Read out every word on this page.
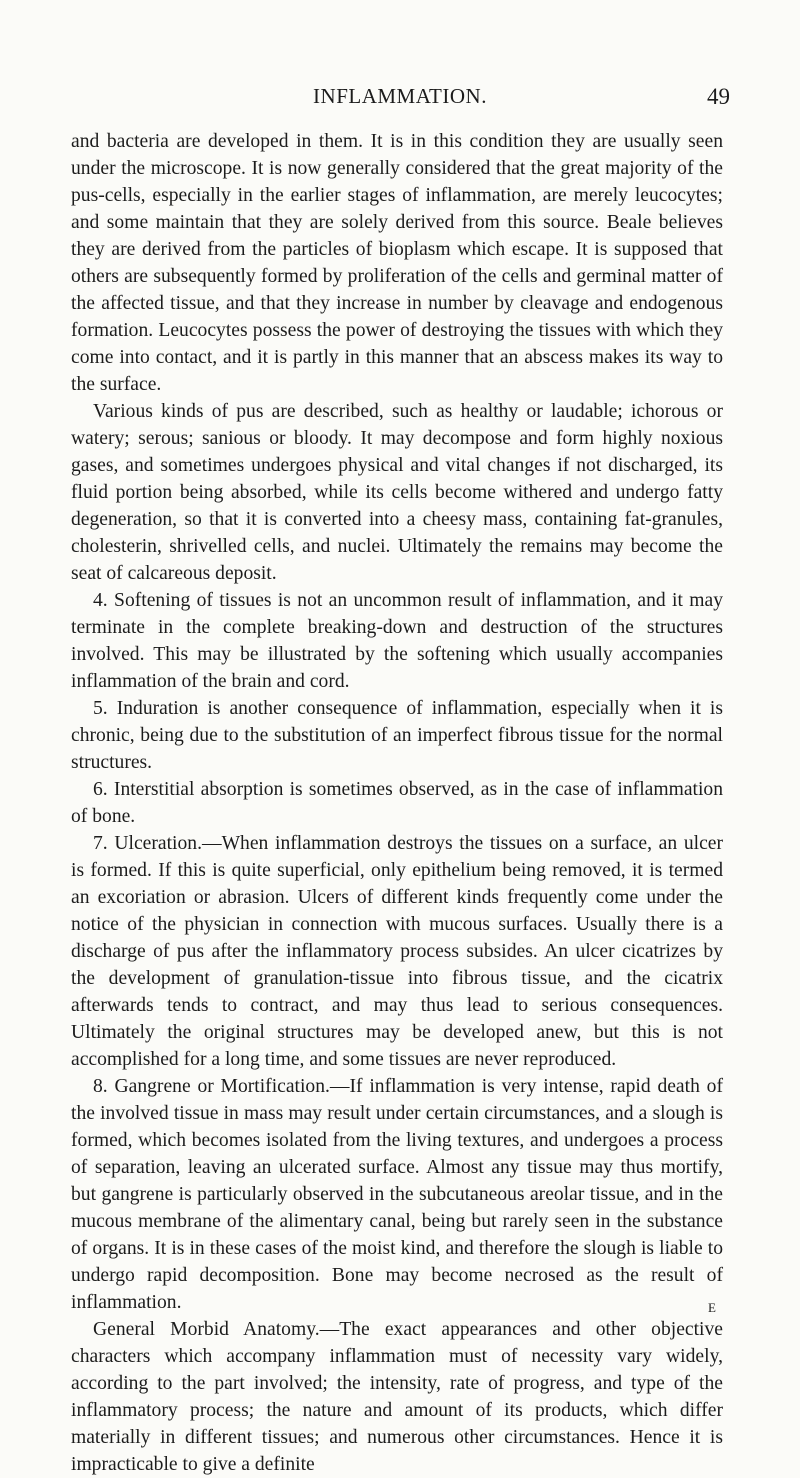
INFLAMMATION.	49

and bacteria are developed in them. It is in this condition they are usually seen under the microscope. It is now generally considered that the great majority of the pus-cells, especially in the earlier stages of inflammation, are merely leucocytes; and some maintain that they are solely derived from this source. Beale believes they are derived from the particles of bioplasm which escape. It is supposed that others are subsequently formed by proliferation of the cells and germinal matter of the affected tissue, and that they increase in number by cleavage and endogenous formation. Leucocytes possess the power of destroying the tissues with which they come into contact, and it is partly in this manner that an abscess makes its way to the surface.

Various kinds of pus are described, such as healthy or laudable; ichorous or watery; serous; sanious or bloody. It may decompose and form highly noxious gases, and sometimes undergoes physical and vital changes if not discharged, its fluid portion being absorbed, while its cells become withered and undergo fatty degeneration, so that it is converted into a cheesy mass, containing fat-granules, cholesterin, shrivelled cells, and nuclei. Ultimately the remains may become the seat of calcareous deposit.

4. Softening of tissues is not an uncommon result of inflammation, and it may terminate in the complete breaking-down and destruction of the structures involved. This may be illustrated by the softening which usually accompanies inflammation of the brain and cord.

5. Induration is another consequence of inflammation, especially when it is chronic, being due to the substitution of an imperfect fibrous tissue for the normal structures.

6. Interstitial absorption is sometimes observed, as in the case of inflammation of bone.

7. Ulceration.—When inflammation destroys the tissues on a surface, an ulcer is formed. If this is quite superficial, only epithelium being removed, it is termed an excoriation or abrasion. Ulcers of different kinds frequently come under the notice of the physician in connection with mucous surfaces. Usually there is a discharge of pus after the inflammatory process subsides. An ulcer cicatrizes by the development of granulation-tissue into fibrous tissue, and the cicatrix afterwards tends to contract, and may thus lead to serious consequences. Ultimately the original structures may be developed anew, but this is not accomplished for a long time, and some tissues are never reproduced.

8. Gangrene or Mortification.—If inflammation is very intense, rapid death of the involved tissue in mass may result under certain circumstances, and a slough is formed, which becomes isolated from the living textures, and undergoes a process of separation, leaving an ulcerated surface. Almost any tissue may thus mortify, but gangrene is particularly observed in the subcutaneous areolar tissue, and in the mucous membrane of the alimentary canal, being but rarely seen in the substance of organs. It is in these cases of the moist kind, and therefore the slough is liable to undergo rapid decomposition. Bone may become necrosed as the result of inflammation.

General Morbid Anatomy.—The exact appearances and other objective characters which accompany inflammation must of necessity vary widely, according to the part involved; the intensity, rate of progress, and type of the inflammatory process; the nature and amount of its products, which differ materially in different tissues; and numerous other circumstances. Hence it is impracticable to give a definite

E
